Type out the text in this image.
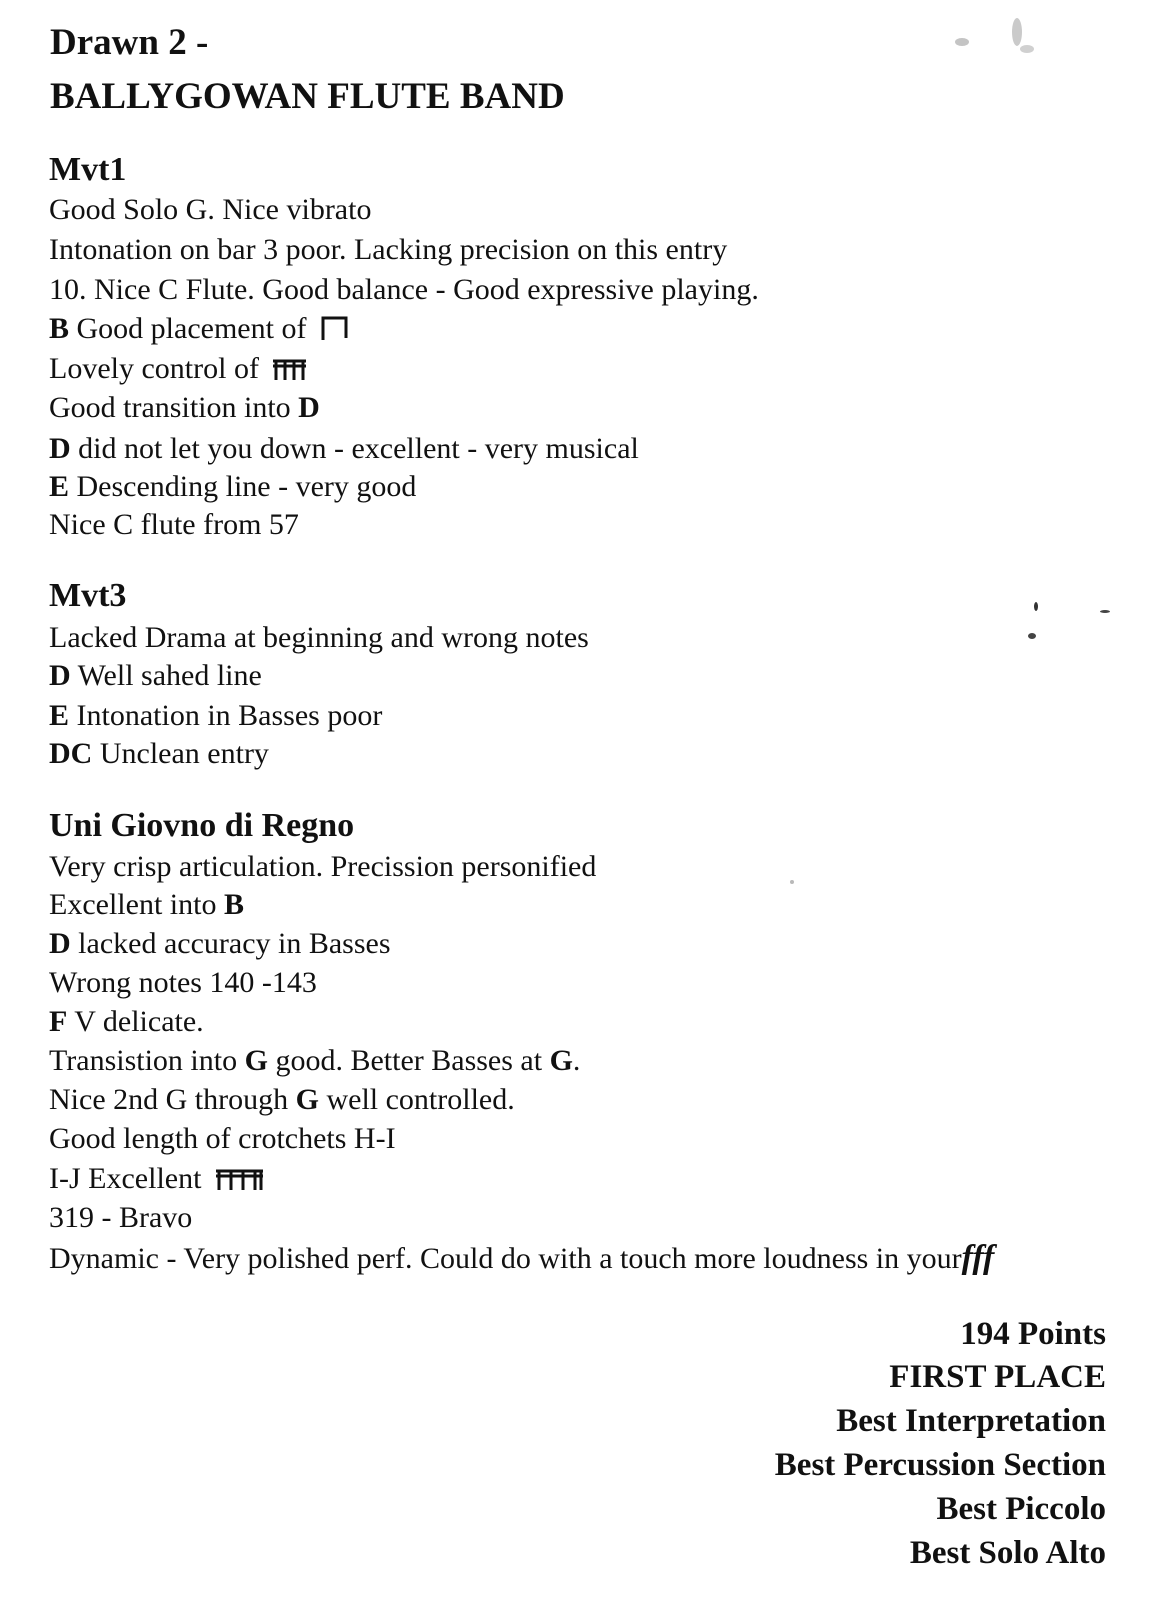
Drawn 2 -
BALLYGOWAN FLUTE BAND
Mvt1
Good Solo G. Nice vibrato
Intonation on bar 3 poor. Lacking precision on this entry
10. Nice C Flute. Good balance - Good expressive playing.
B Good placement of
Lovely control of
Good transition into D
D did not let you down - excellent - very musical
E Descending line - very good
Nice C flute from 57
Mvt3
Lacked Drama at beginning and wrong notes
D Well sahed line
E Intonation in Basses poor
DC Unclean entry
Uni Giovno di Regno
Very crisp articulation. Precission personified
Excellent into B
D lacked accuracy in Basses
Wrong notes 140 -143
F V delicate.
Transistion into G good. Better Basses at G.
Nice 2nd G through G well controlled.
Good length of crotchets H-I
I-J Excellent
319 - Bravo
Dynamic - Very polished perf. Could do with a touch more loudness in yourfff
194 Points
FIRST PLACE
Best Interpretation
Best Percussion Section
Best Piccolo
Best Solo Alto
